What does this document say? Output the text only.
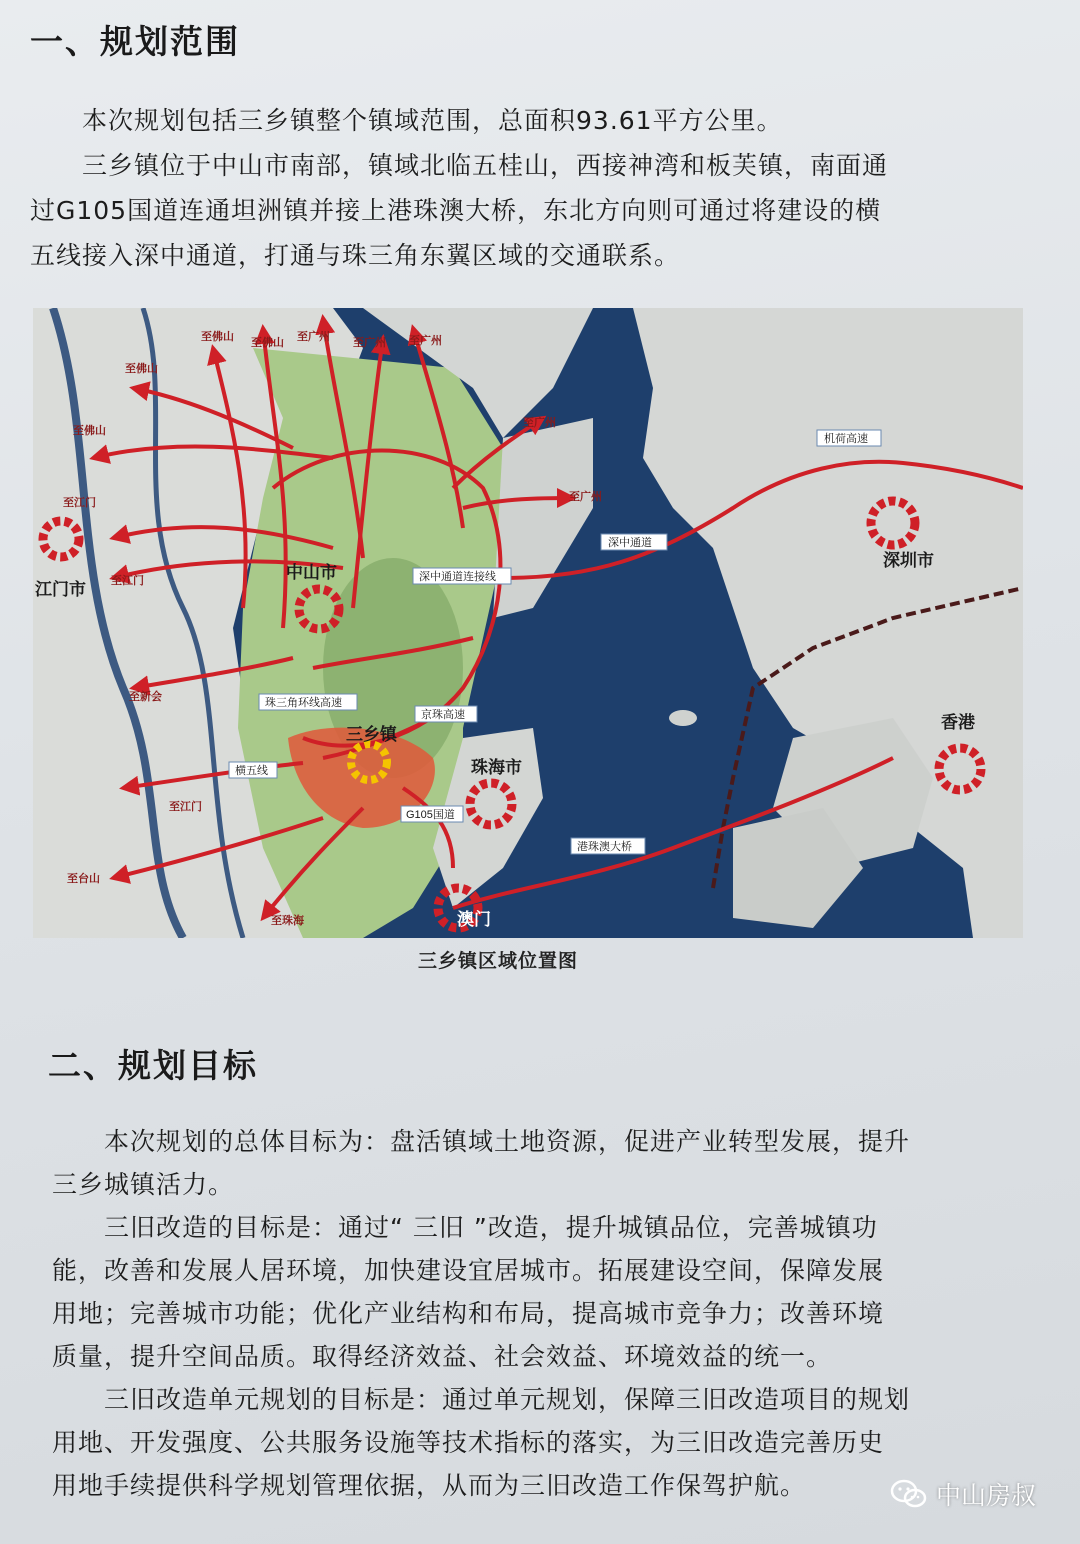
一、规划范围
　　本次规划包括三乡镇整个镇域范围，总面积93.61平方公里。
　　三乡镇位于中山市南部，镇域北临五桂山，西接神湾和板芙镇，南面通
过G105国道连通坦洲镇并接上港珠澳大桥，东北方向则可通过将建设的横
五线接入深中通道，打通与珠三角东翼区域的交通联系。
江门市
中山市
深圳市
香港
珠海市
澳门
三乡镇
至佛山 至佛山
至佛山
至佛山
至广州 至广州 至广州
至广州
至广州
至江门
至江门
至江门
至新会
至台山
至珠海
深中通道
深中通道连接线
机荷高速
珠三角环线高速
京珠高速
横五线
G105国道
港珠澳大桥
三乡镇区域位置图
二、规划目标
　　本次规划的总体目标为：盘活镇域土地资源，促进产业转型发展，提升
三乡城镇活力。
　　三旧改造的目标是：通过“ 三旧 ”改造，提升城镇品位，完善城镇功
能，改善和发展人居环境，加快建设宜居城市。拓展建设空间，保障发展
用地；完善城市功能；优化产业结构和布局，提高城市竞争力；改善环境
质量，提升空间品质。取得经济效益、社会效益、环境效益的统一。
　　三旧改造单元规划的目标是：通过单元规划，保障三旧改造项目的规划
用地、开发强度、公共服务设施等技术指标的落实，为三旧改造完善历史
用地手续提供科学规划管理依据，从而为三旧改造工作保驾护航。	中山房叔
